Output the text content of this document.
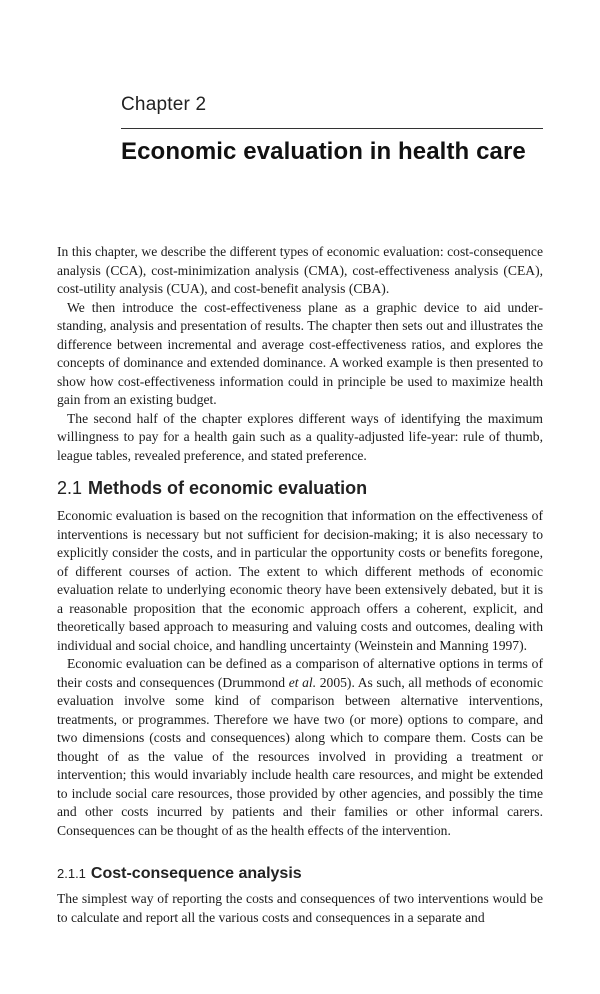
Chapter 2
Economic evaluation in health care

In this chapter, we describe the different types of economic evaluation: cost-consequence analysis (CCA), cost-minimization analysis (CMA), cost-effectiveness analysis (CEA), cost-utility analysis (CUA), and cost-benefit analysis (CBA).

We then introduce the cost-effectiveness plane as a graphic device to aid understanding, analysis and presentation of results. The chapter then sets out and illustrates the difference between incremental and average cost-effectiveness ratios, and explores the concepts of dominance and extended dominance. A worked example is then presented to show how cost-effectiveness information could in principle be used to maximize health gain from an existing budget.

The second half of the chapter explores different ways of identifying the maximum willingness to pay for a health gain such as a quality-adjusted life-year: rule of thumb, league tables, revealed preference, and stated preference.

2.1 Methods of economic evaluation

Economic evaluation is based on the recognition that information on the effectiveness of interventions is necessary but not sufficient for decision-making; it is also necessary to explicitly consider the costs, and in particular the opportunity costs or benefits foregone, of different courses of action. The extent to which different methods of economic evaluation relate to underlying economic theory have been extensively debated, but it is a reasonable proposition that the economic approach offers a coherent, explicit, and theoretically based approach to measuring and valuing costs and outcomes, dealing with individual and social choice, and handling uncertainty (Weinstein and Manning 1997).

Economic evaluation can be defined as a comparison of alternative options in terms of their costs and consequences (Drummond et al. 2005). As such, all methods of economic evaluation involve some kind of comparison between alternative interventions, treatments, or programmes. Therefore we have two (or more) options to compare, and two dimensions (costs and consequences) along which to compare them. Costs can be thought of as the value of the resources involved in providing a treatment or intervention; this would invariably include health care resources, and might be extended to include social care resources, those provided by other agencies, and possibly the time and other costs incurred by patients and their families or other informal carers. Consequences can be thought of as the health effects of the intervention.

2.1.1 Cost-consequence analysis

The simplest way of reporting the costs and consequences of two interventions would be to calculate and report all the various costs and consequences in a separate and
